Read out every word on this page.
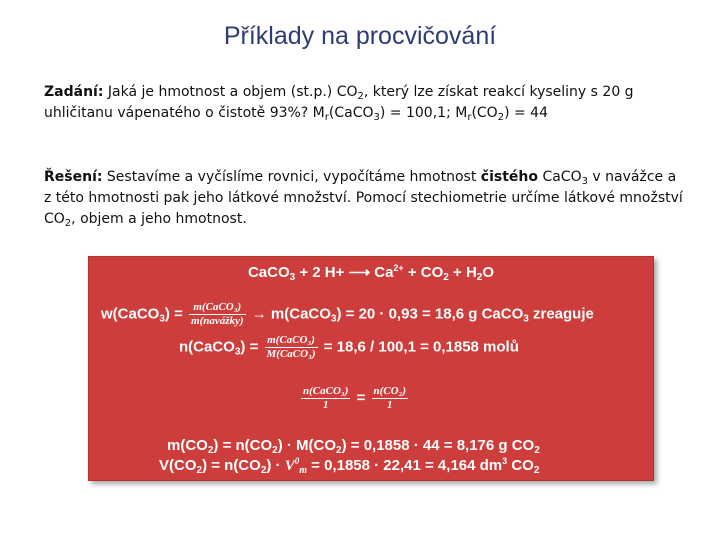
Příklady na procvičování
Zadání: Jaká je hmotnost a objem (st.p.) $CO_2$, který lze získat reakcí kyseliny s 20 g uhličitanu vápenatého o čistotě 93%? $M_r(CaCO_3) = 100,1$; $M_r(CO_2) = 44$
Řešení: Sestavíme a vyčíslíme rovnici, vypočítáme hmotnost čistého CaCO$_3$ v navážce a z této hmotnosti pak jeho látkové množství. Pomocí stechiometrie určíme látkové množství $CO_2$, objem a jeho hmotnost.
CaCO$_3$ + 2 H+ ⟶ $Ca^{2+} + CO_2 + H_2O$
w(CaCO$_3$) = $\frac{\text{m(CaCO₃)}}{\text{m(navážky)}}$ → m(CaCO$_3$) = 20 · 0,93 = 18,6 g CaCO$_3$ zreaguje
n(CaCO$_3$) = $\frac{\text{m(CaCO₃)}}{\text{M(CaCO₃)}} = 18,6 / 100,1 = 0,1858$ molů
$\frac{\text{n(CaCO₃)}}{1} = \frac{\text{n(CO₂)}}{1}$
$m(CO_2) = n(CO_2) \cdot M(CO_2) = 0,1858 \cdot 44 = 8,176$ g $CO_2$
$V(CO_2) = n(CO_2) \cdot V^0_m = 0,1858 \cdot 22,41 = 4,164$ $dm^3$ $CO_2$
